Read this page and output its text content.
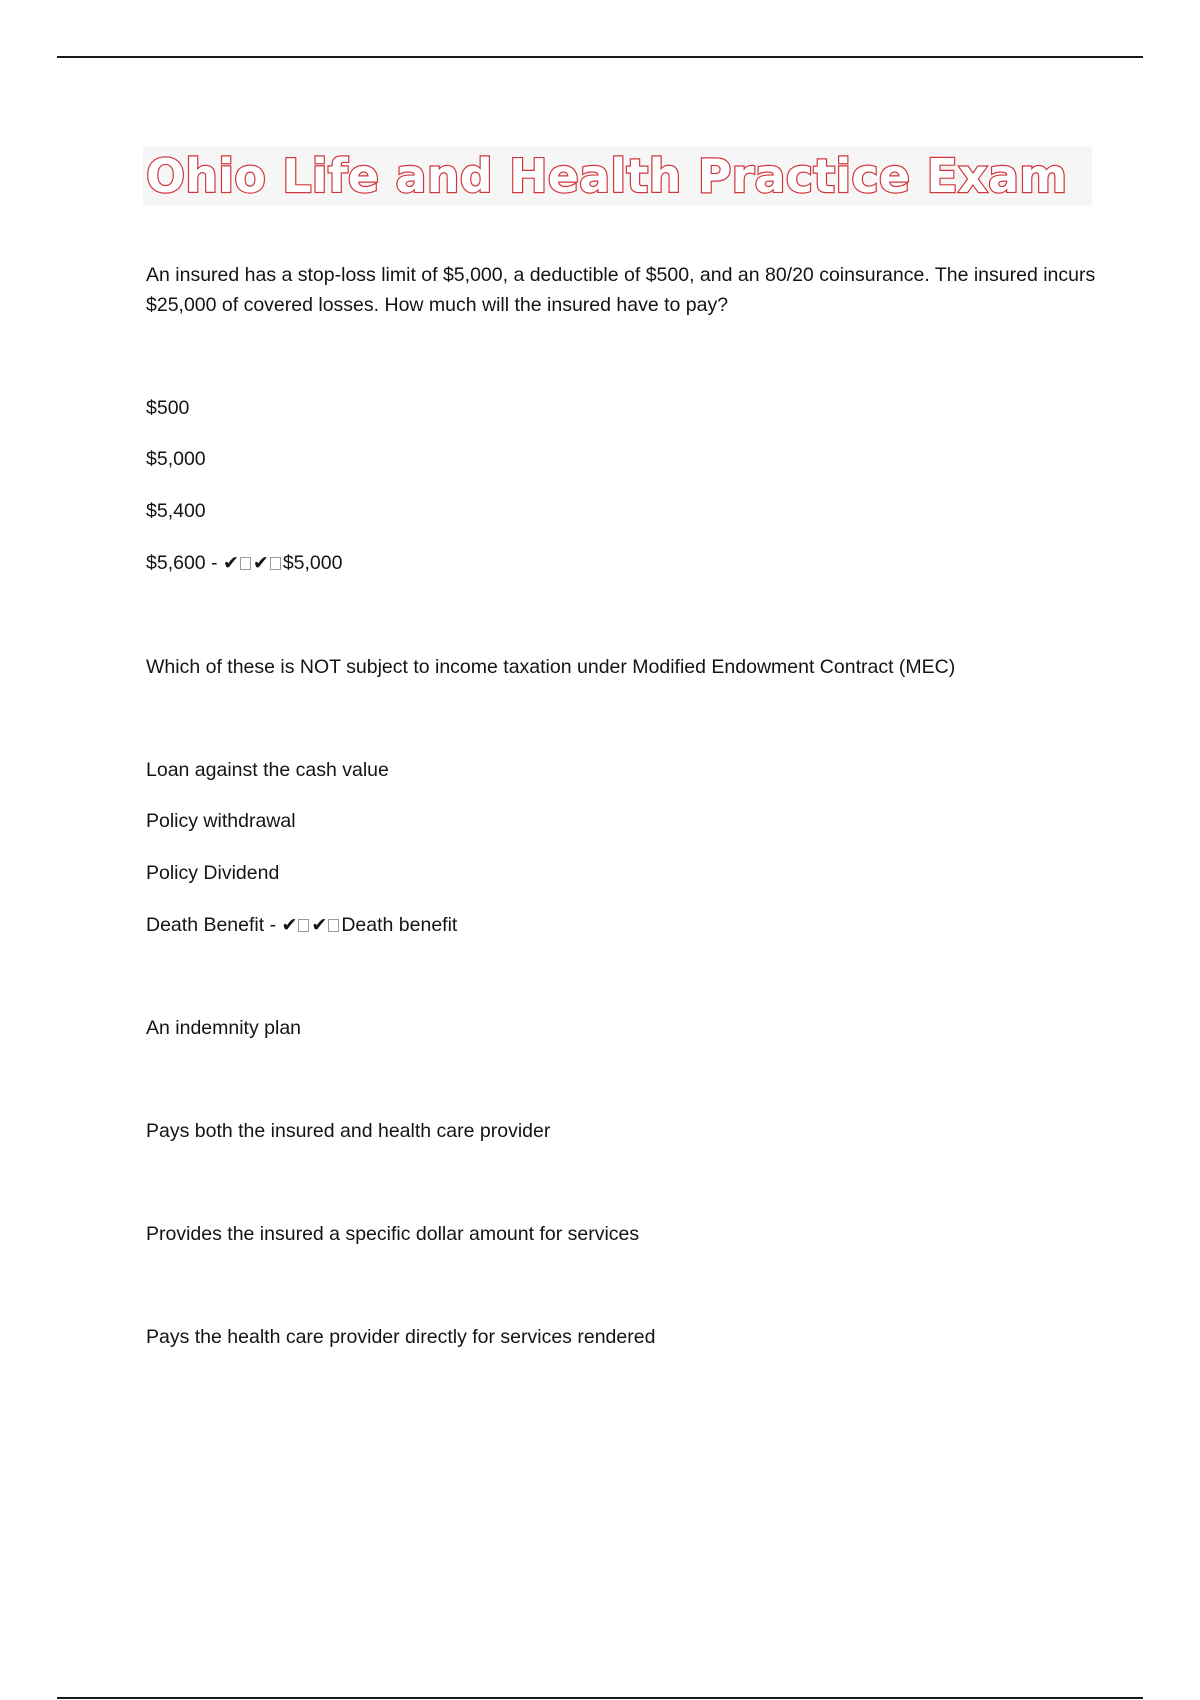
Ohio Life and Health Practice Exam
An insured has a stop-loss limit of $5,000, a deductible of $500, and an 80/20 coinsurance. The insured incurs $25,000 of covered losses. How much will the insured have to pay?
$500
$5,000
$5,400
$5,600 - ✔ ✔ $5,000
Which of these is NOT subject to income taxation under Modified Endowment Contract (MEC)
Loan against the cash value
Policy withdrawal
Policy Dividend
Death Benefit - ✔ ✔ Death benefit
An indemnity plan
Pays both the insured and health care provider
Provides the insured a specific dollar amount for services
Pays the health care provider directly for services rendered
